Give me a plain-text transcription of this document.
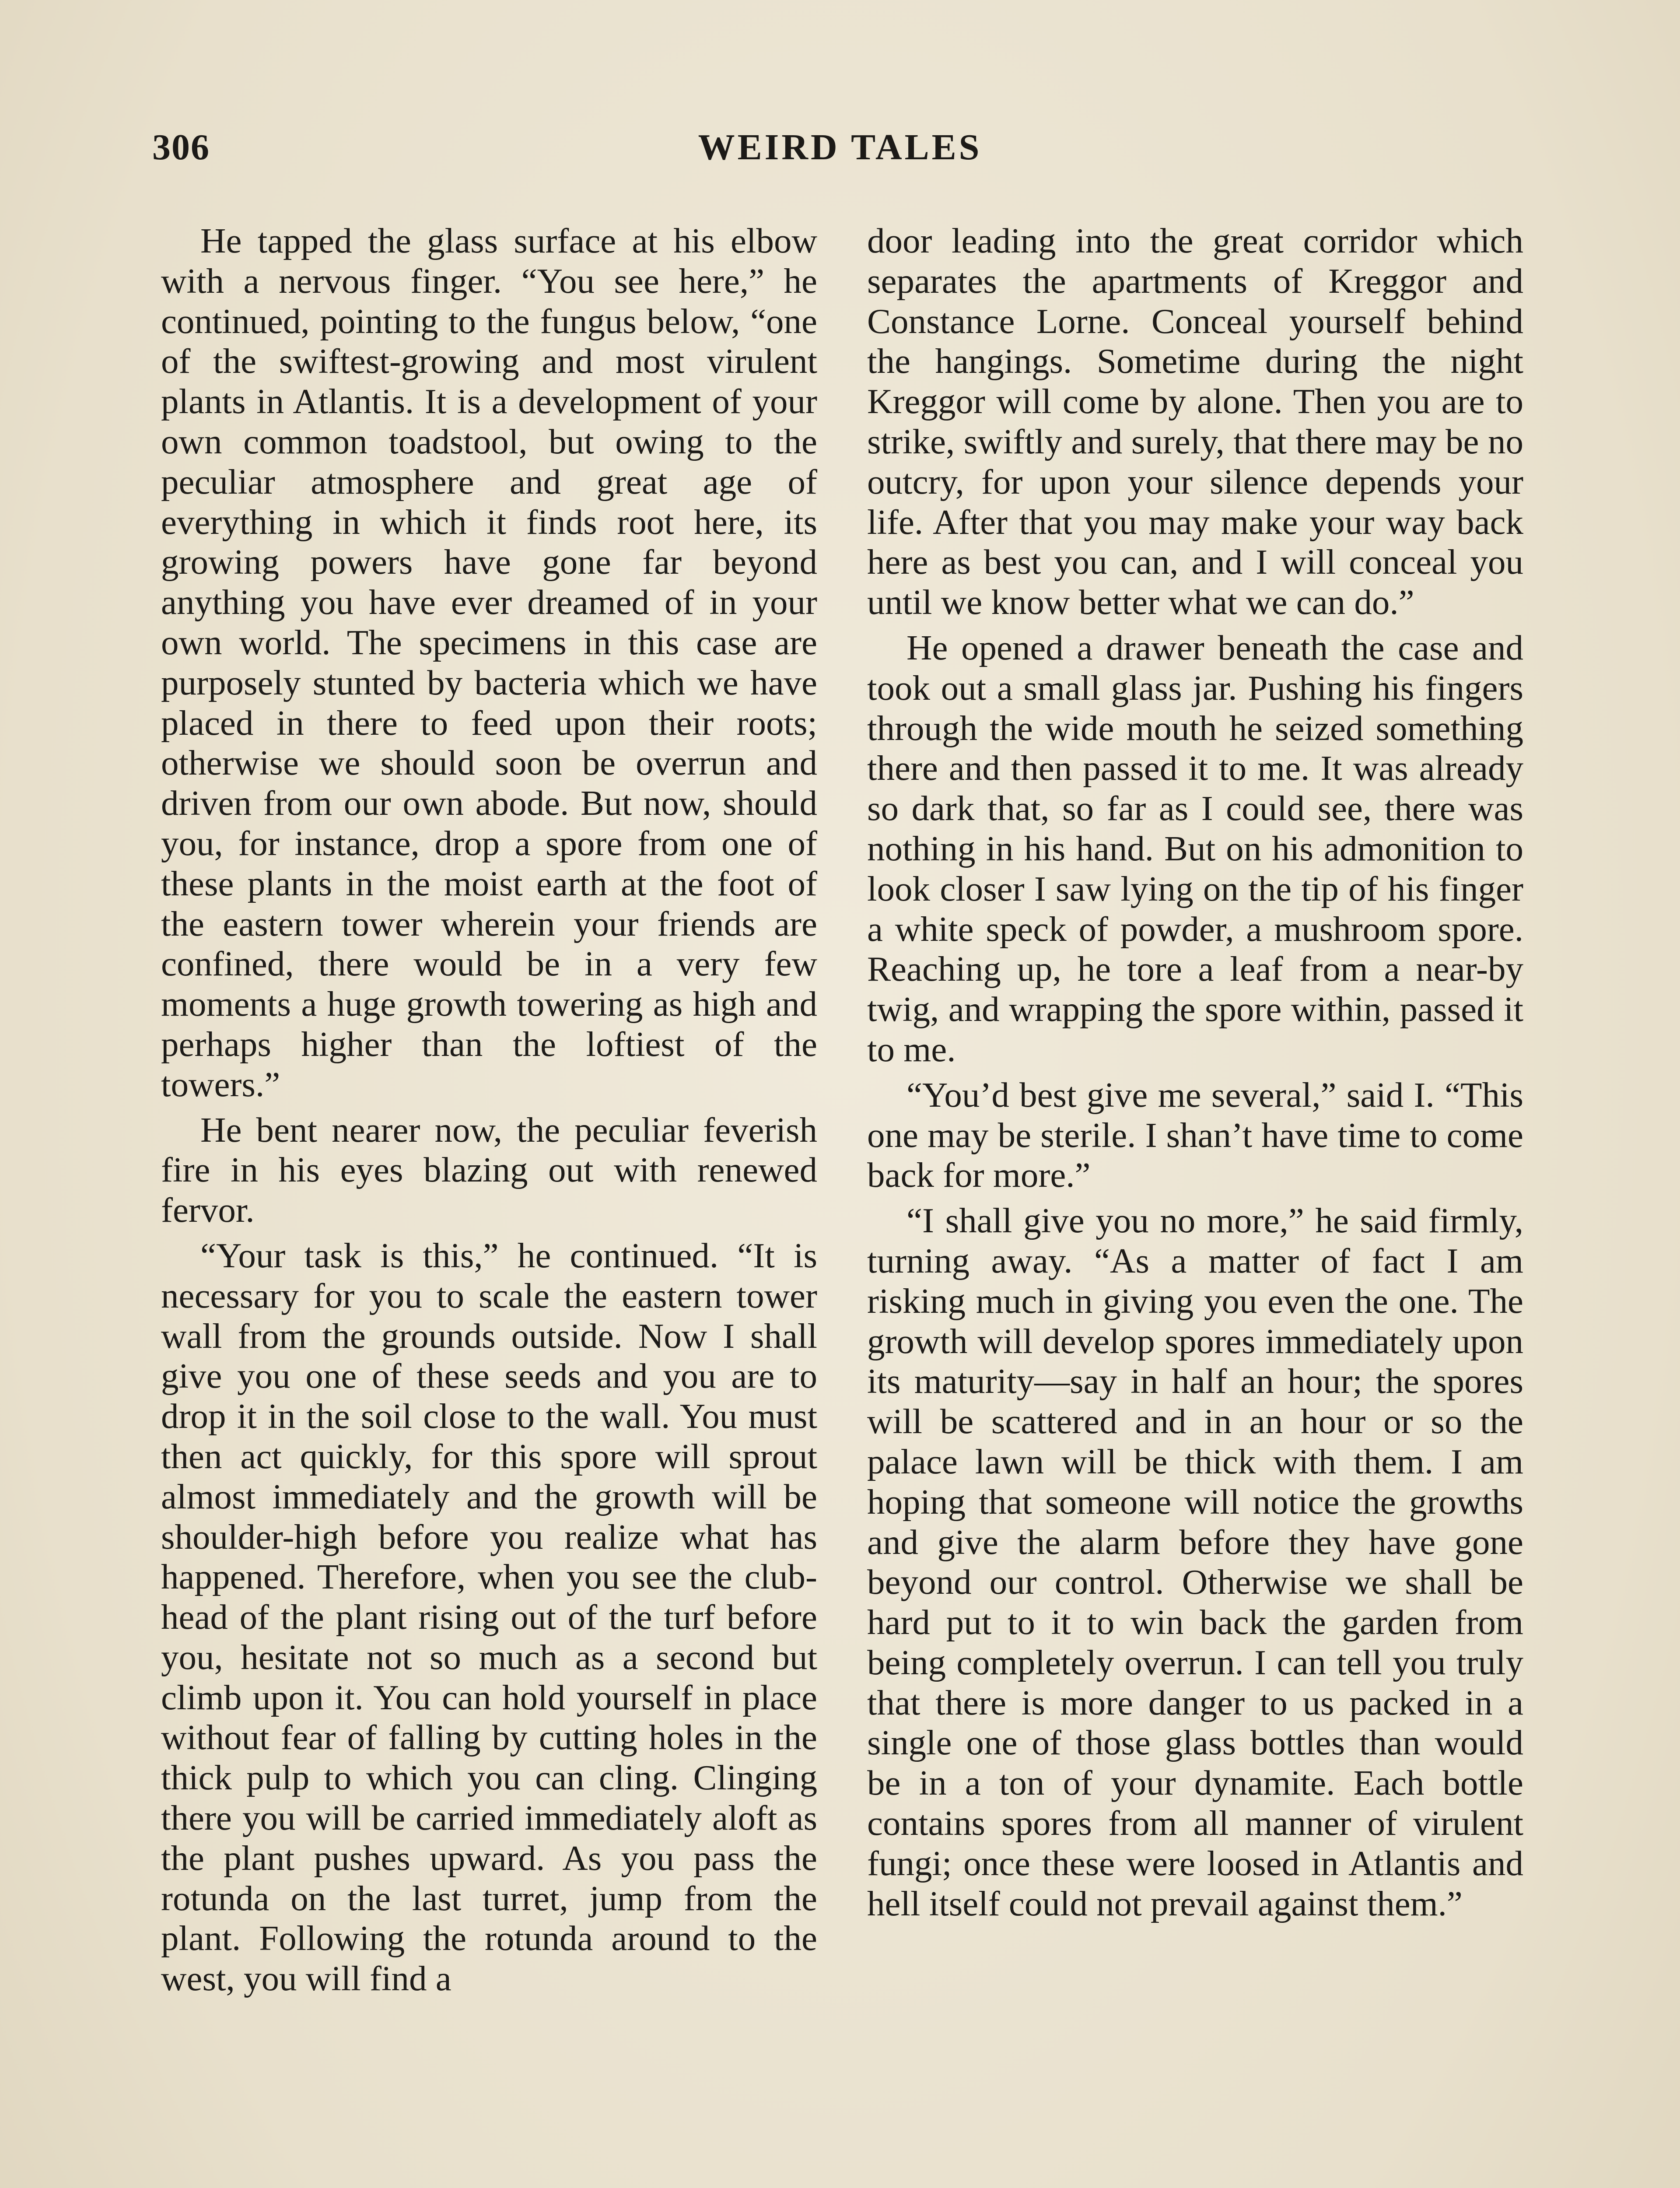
306	WEIRD TALES

He tapped the glass surface at his elbow with a nervous finger. “You see here,” he continued, pointing to the fungus below, “one of the swiftest-growing and most virulent plants in Atlantis. It is a development of your own common toadstool, but owing to the peculiar atmosphere and great age of everything in which it finds root here, its growing powers have gone far beyond anything you have ever dreamed of in your own world. The specimens in this case are purposely stunted by bacteria which we have placed in there to feed upon their roots; otherwise we should soon be overrun and driven from our own abode. But now, should you, for instance, drop a spore from one of these plants in the moist earth at the foot of the eastern tower wherein your friends are confined, there would be in a very few moments a huge growth towering as high and perhaps higher than the loftiest of the towers.”

He bent nearer now, the peculiar feverish fire in his eyes blazing out with renewed fervor.

“Your task is this,” he continued. “It is necessary for you to scale the eastern tower wall from the grounds outside. Now I shall give you one of these seeds and you are to drop it in the soil close to the wall. You must then act quickly, for this spore will sprout almost immediately and the growth will be shoulder-high before you realize what has happened. Therefore, when you see the club-head of the plant rising out of the turf before you, hesitate not so much as a second but climb upon it. You can hold yourself in place without fear of falling by cutting holes in the thick pulp to which you can cling. Clinging there you will be carried immediately aloft as the plant pushes upward. As you pass the rotunda on the last turret, jump from the plant. Following the rotunda around to the west, you will find a

door leading into the great corridor which separates the apartments of Kreggor and Constance Lorne. Conceal yourself behind the hangings. Sometime during the night Kreggor will come by alone. Then you are to strike, swiftly and surely, that there may be no outcry, for upon your silence depends your life. After that you may make your way back here as best you can, and I will conceal you until we know better what we can do.”

He opened a drawer beneath the case and took out a small glass jar. Pushing his fingers through the wide mouth he seized something there and then passed it to me. It was already so dark that, so far as I could see, there was nothing in his hand. But on his admonition to look closer I saw lying on the tip of his finger a white speck of powder, a mushroom spore. Reaching up, he tore a leaf from a near-by twig, and wrapping the spore within, passed it to me.

“You’d best give me several,” said I. “This one may be sterile. I shan’t have time to come back for more.”

“I shall give you no more,” he said firmly, turning away. “As a matter of fact I am risking much in giving you even the one. The growth will develop spores immediately upon its maturity—say in half an hour; the spores will be scattered and in an hour or so the palace lawn will be thick with them. I am hoping that someone will notice the growths and give the alarm before they have gone beyond our control. Otherwise we shall be hard put to it to win back the garden from being completely overrun. I can tell you truly that there is more danger to us packed in a single one of those glass bottles than would be in a ton of your dynamite. Each bottle contains spores from all manner of virulent fungi; once these were loosed in Atlantis and hell itself could not prevail against them.”
